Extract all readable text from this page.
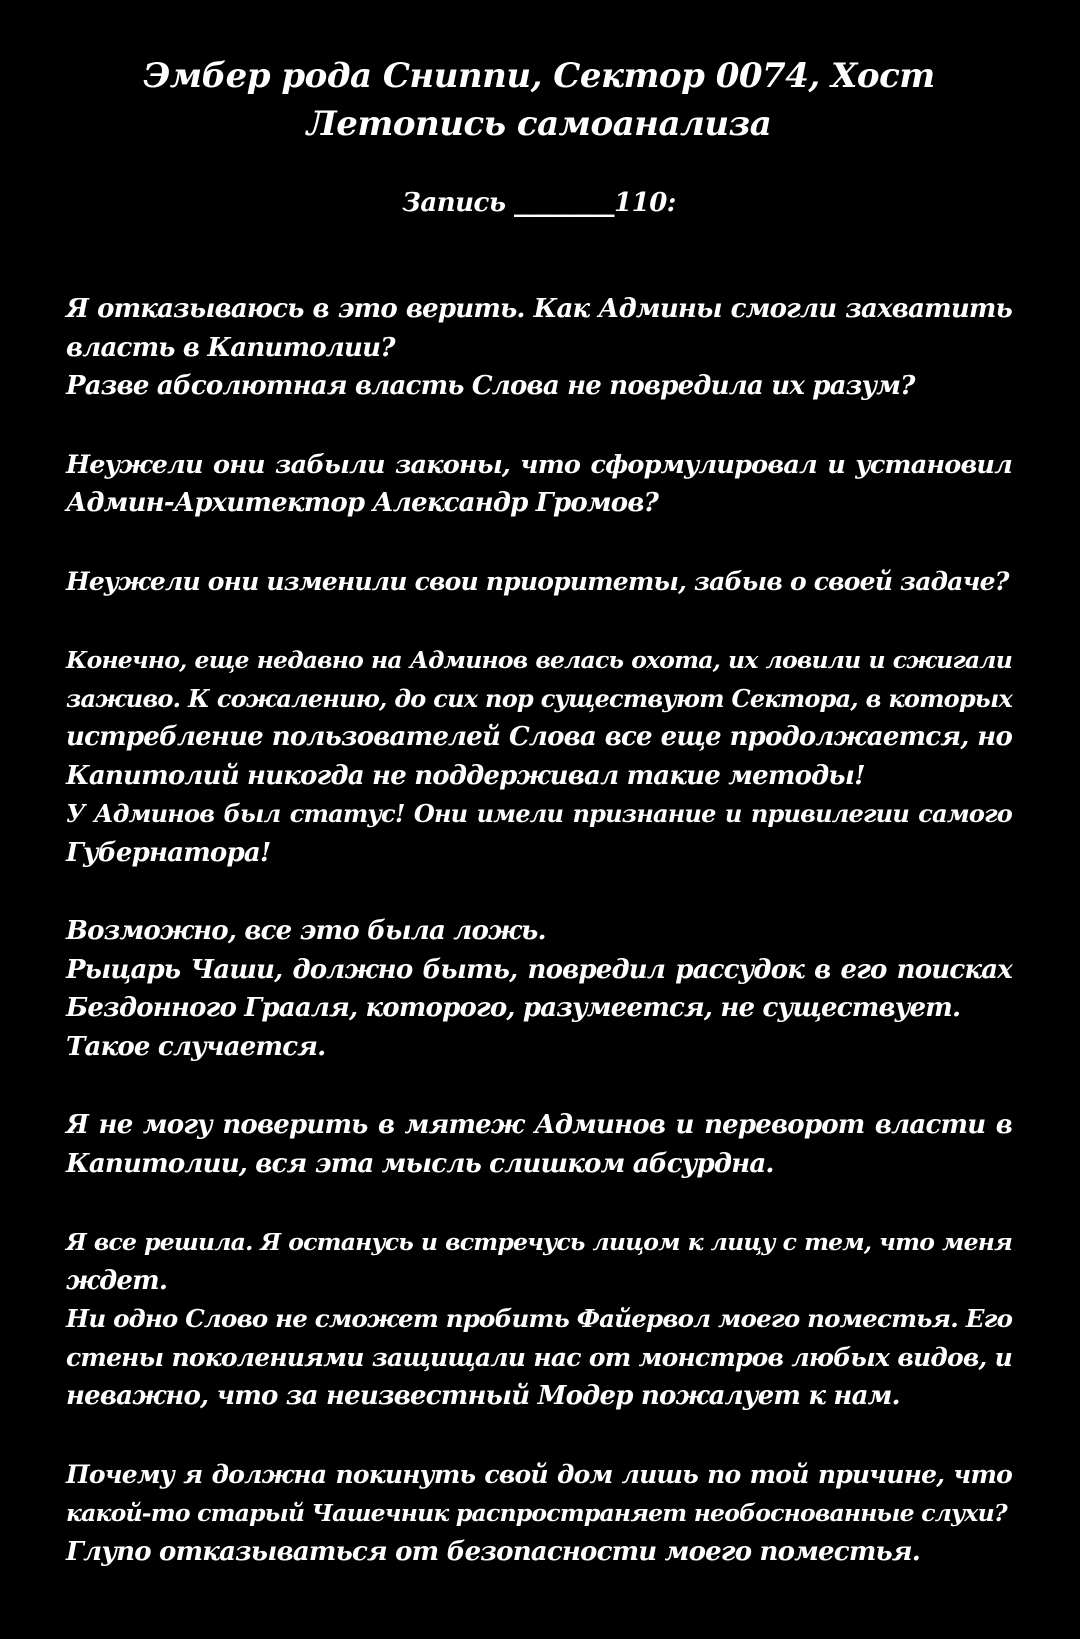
Эмбер рода Сниппи, Сектор 0074, Хост
Летопись самоанализа
Запись ________110:
Я отказываюсь в это верить. Как Админы смогли захватить
власть в Капитолии?
Разве абсолютная власть Слова не повредила их разум?
Неужели они забыли законы, что сформулировал и установил
Админ-Архитектор Александр Громов?
Неужели они изменили свои приоритеты, забыв о своей задаче?
Конечно, еще недавно на Админов велась охота, их ловили и сжигали
заживо. К сожалению, до сих пор существуют Сектора, в которых
истребление пользователей Слова все еще продолжается, но
Капитолий никогда не поддерживал такие методы!
У Админов был статус! Они имели признание и привилегии самого
Губернатора!
Возможно, все это была ложь.
Рыцарь Чаши, должно быть, повредил рассудок в его поисках
Бездонного Грааля, которого, разумеется, не существует.
Такое случается.
Я не могу поверить в мятеж Админов и переворот власти в
Капитолии, вся эта мысль слишком абсурдна.
Я все решила. Я останусь и встречусь лицом к лицу с тем, что меня
ждет.
Ни одно Слово не сможет пробить Файервол моего поместья. Его
стены поколениями защищали нас от монстров любых видов, и
неважно, что за неизвестный Модер пожалует к нам.
Почему я должна покинуть свой дом лишь по той причине, что
какой-то старый Чашечник распространяет необоснованные слухи?
Глупо отказываться от безопасности моего поместья.
